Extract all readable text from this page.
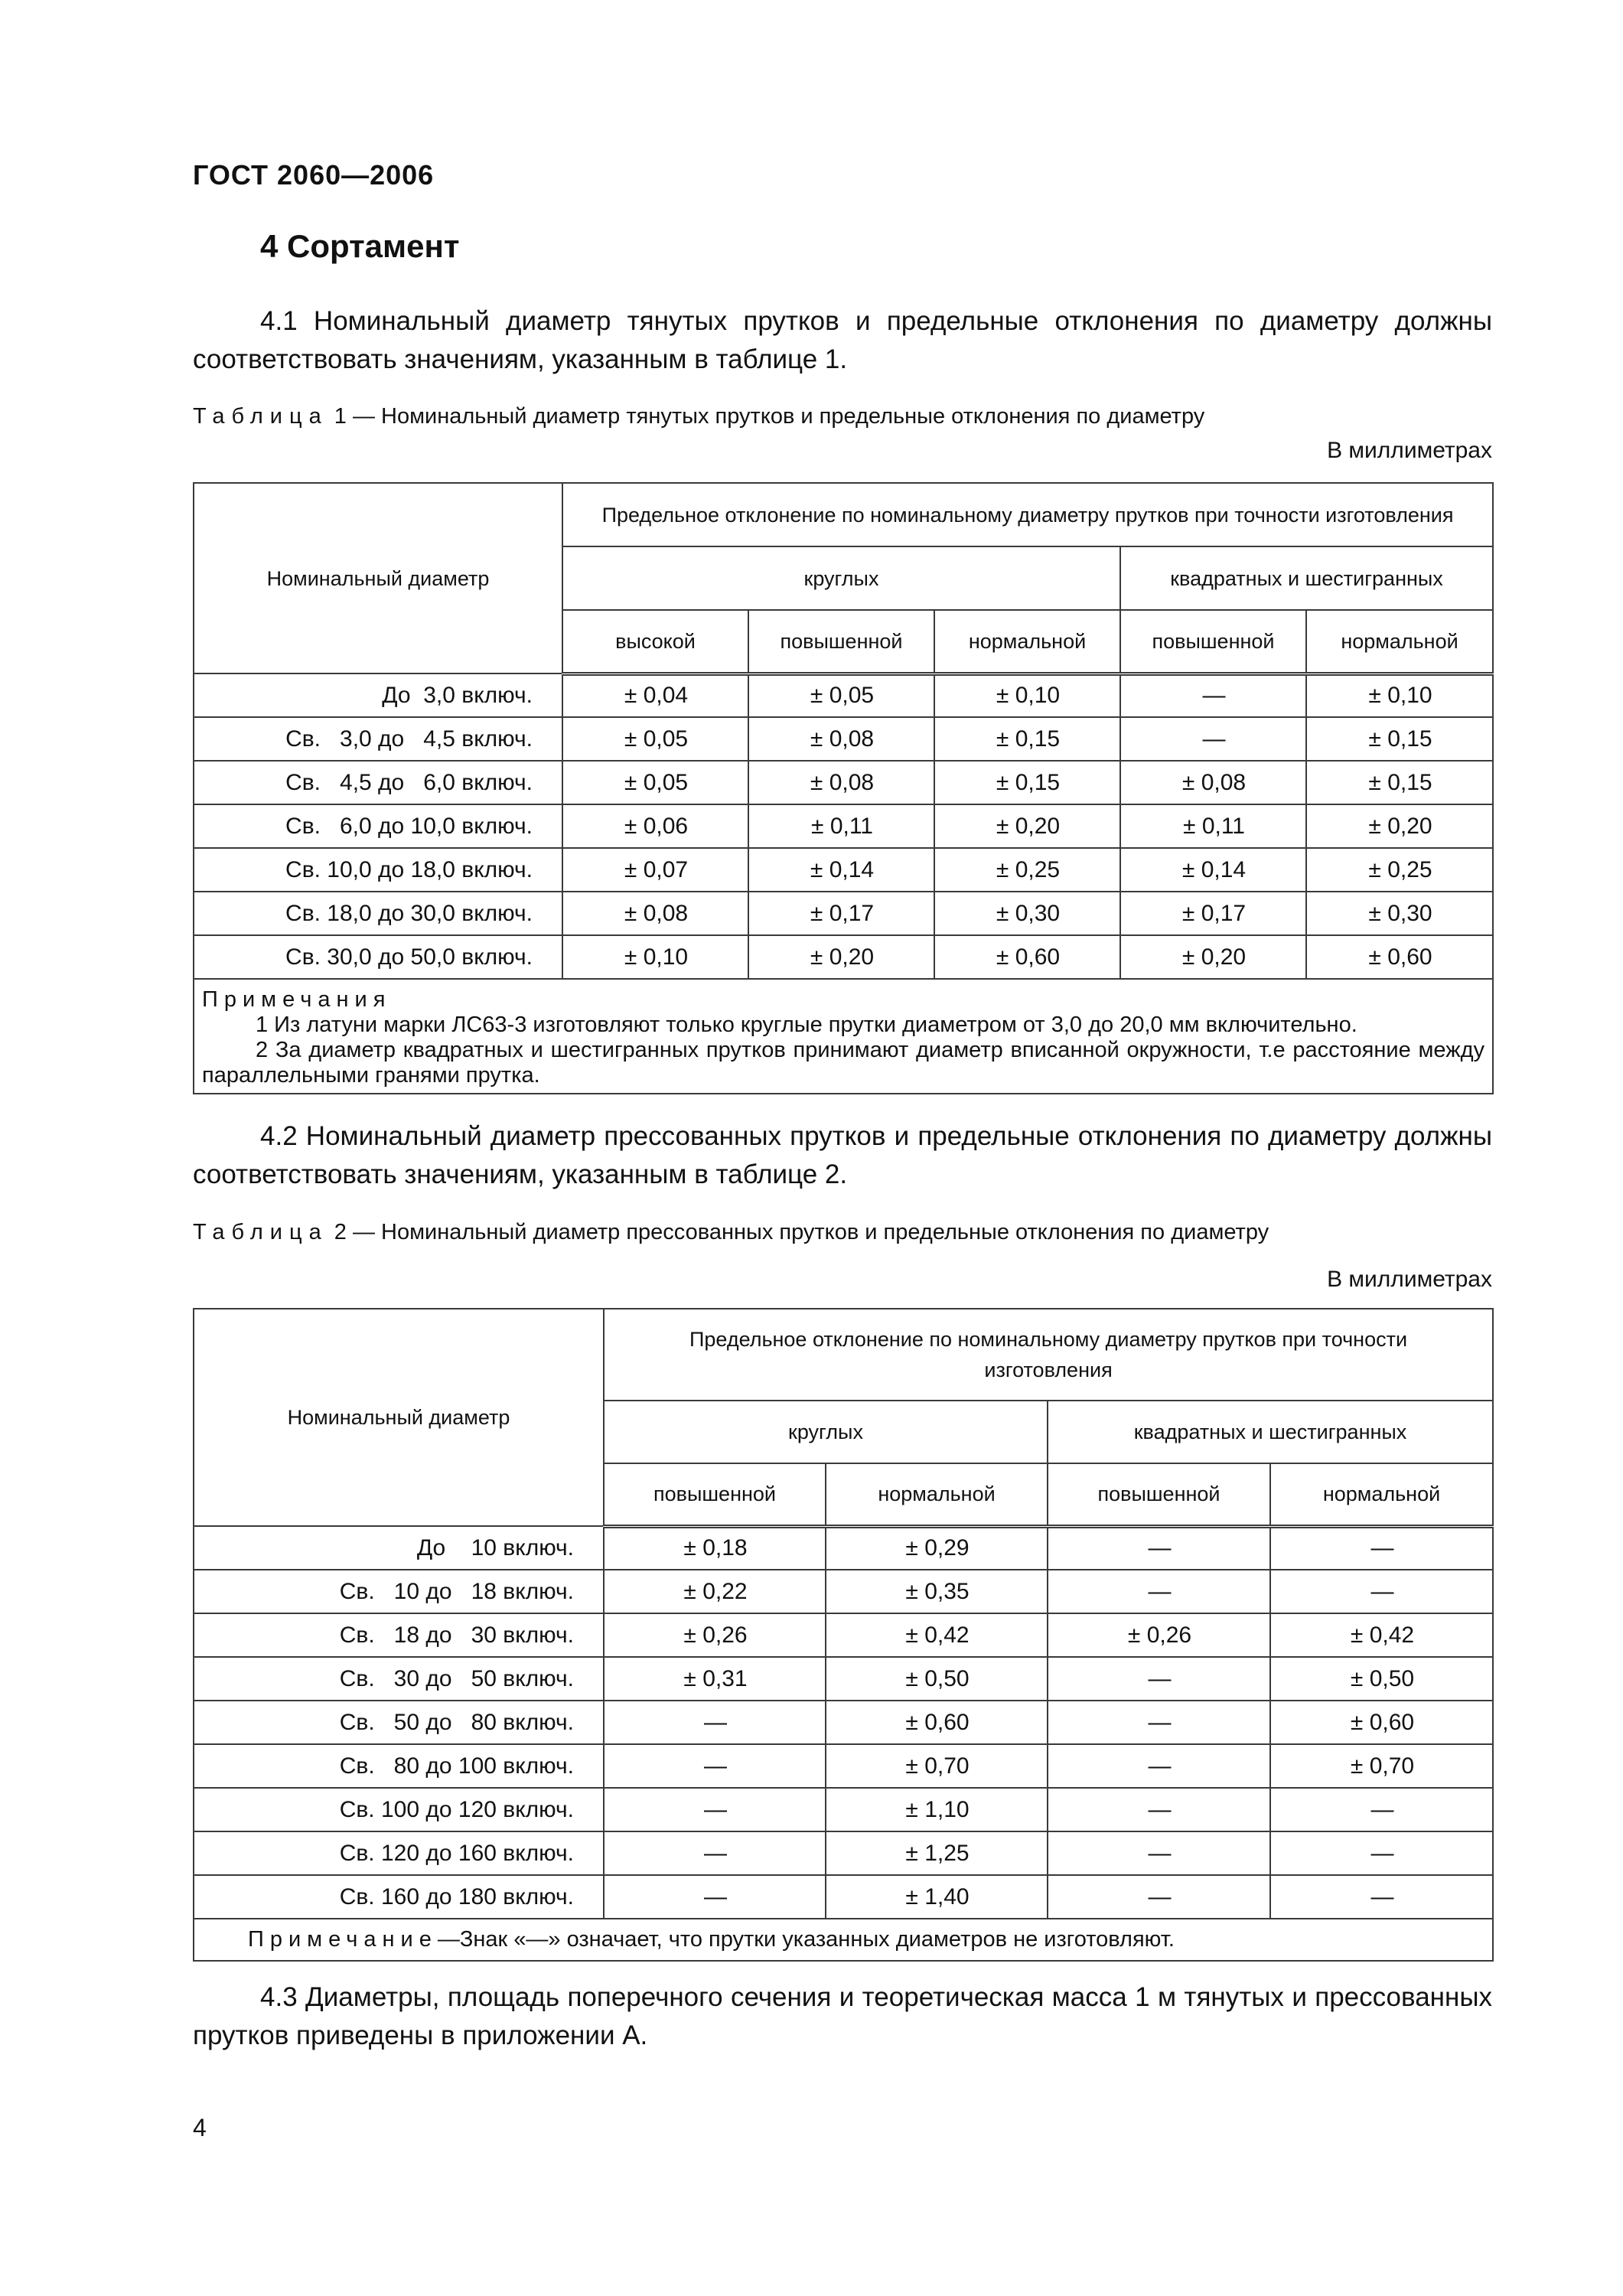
ГОСТ 2060—2006
4 Сортамент
4.1 Номинальный диаметр тянутых прутков и предельные отклонения по диаметру должны соответствовать значениям, указанным в таблице 1.
Таблица 1 — Номинальный диаметр тянутых прутков и предельные отклонения по диаметру
В миллиметрах
Номинальный диаметр	Предельное отклонение по номинальному диаметру прутков при точности изготовления				
	круглых			квадратных и шестигранных	
	высокой	повышенной	нормальной	повышенной	нормальной
До  3,0 включ.	± 0,04	± 0,05	± 0,10	—	± 0,10
Св.   3,0 до   4,5 включ.	± 0,05	± 0,08	± 0,15	—	± 0,15
Св.   4,5 до   6,0 включ.	± 0,05	± 0,08	± 0,15	± 0,08	± 0,15
Св.   6,0 до 10,0 включ.	± 0,06	± 0,11	± 0,20	± 0,11	± 0,20
Св. 10,0 до 18,0 включ.	± 0,07	± 0,14	± 0,25	± 0,14	± 0,25
Св. 18,0 до 30,0 включ.	± 0,08	± 0,17	± 0,30	± 0,17	± 0,30
Св. 30,0 до 50,0 включ.	± 0,10	± 0,20	± 0,60	± 0,20	± 0,60

Примечания
1 Из латуни марки ЛС63-3 изготовляют только круглые прутки диаметром от 3,0 до 20,0 мм включительно.
2 За диаметр квадратных и шестигранных прутков принимают диаметр вписанной окружности, т.е расстояние между параллельными гранями прутка.					
4.2 Номинальный диаметр прессованных прутков и предельные отклонения по диаметру должны соответствовать значениям, указанным в таблице 2.
Таблица 2 — Номинальный диаметр прессованных прутков и предельные отклонения по диаметру
В миллиметрах
Номинальный диаметр	Предельное отклонение по номинальному диаметру прутков при точности изготовления			
	круглых		квадратных и шестигранных	
	повышенной	нормальной	повышенной	нормальной
До    10 включ.	± 0,18	± 0,29	—	—
Св.   10 до   18 включ.	± 0,22	± 0,35	—	—
Св.   18 до   30 включ.	± 0,26	± 0,42	± 0,26	± 0,42
Св.   30 до   50 включ.	± 0,31	± 0,50	—	± 0,50
Св.   50 до   80 включ.	—	± 0,60	—	± 0,60
Св.   80 до 100 включ.	—	± 0,70	—	± 0,70
Св. 100 до 120 включ.	—	± 1,10	—	—
Св. 120 до 160 включ.	—	± 1,25	—	—
Св. 160 до 180 включ.	—	± 1,40	—	—
Примечание—Знак «—» означает, что прутки указанных диаметров не изготовляют.				
4.3 Диаметры, площадь поперечного сечения и теоретическая масса 1 м тянутых и прессованных прутков приведены в приложении А.
4
